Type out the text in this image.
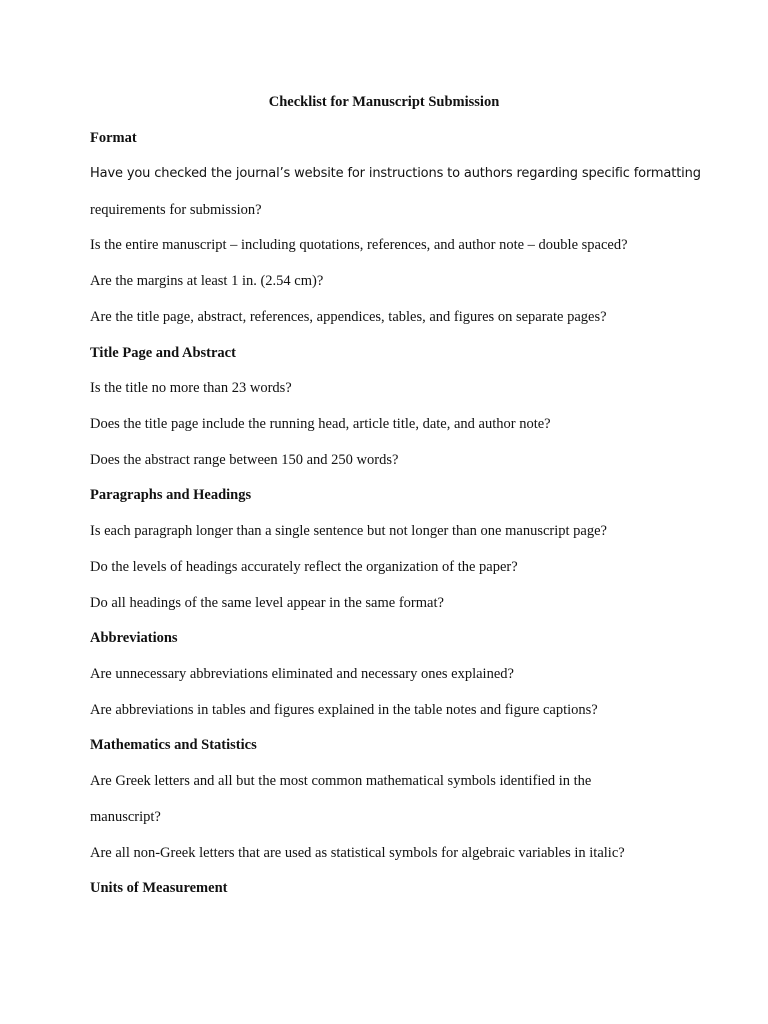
Checklist for Manuscript Submission
Format
Have you checked the journal’s website for instructions to authors regarding specific formatting
requirements for submission?
Is the entire manuscript – including quotations, references, and author note – double spaced?
Are the margins at least 1 in. (2.54 cm)?
Are the title page, abstract, references, appendices, tables, and figures on separate pages?
Title Page and Abstract
Is the title no more than 23 words?
Does the title page include the running head, article title, date, and author note?
Does the abstract range between 150 and 250 words?
Paragraphs and Headings
Is each paragraph longer than a single sentence but not longer than one manuscript page?
Do the levels of headings accurately reflect the organization of the paper?
Do all headings of the same level appear in the same format?
Abbreviations
Are unnecessary abbreviations eliminated and necessary ones explained?
Are abbreviations in tables and figures explained in the table notes and figure captions?
Mathematics and Statistics
Are Greek letters and all but the most common mathematical symbols identified in the
manuscript?
Are all non-Greek letters that are used as statistical symbols for algebraic variables in italic?
Units of Measurement
